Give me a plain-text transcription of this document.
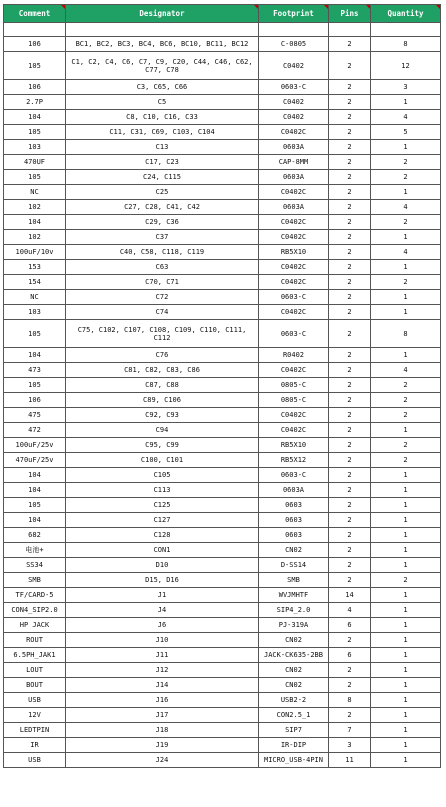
Comment	Designator	Footprint	Pins	Quantity

106	BC1, BC2, BC3, BC4, BC6, BC10, BC11, BC12	C-0805	2	8
105	C1, C2, C4, C6, C7, C9, C20, C44, C46, C62, C77, C78	C0402	2	12
106	C3, C65, C66	0603-C	2	3
2.7P	C5	C0402	2	1
104	C8, C10, C16, C33	C0402	2	4
105	C11, C31, C69, C103, C104	C0402C	2	5
103	C13	0603A	2	1
470UF	C17, C23	CAP-8MM	2	2
105	C24, C115	0603A	2	2
NC	C25	C0402C	2	1
102	C27, C28, C41, C42	0603A	2	4
104	C29, C36	C0402C	2	2
102	C37	C0402C	2	1
100uF/10v	C40, C58, C118, C119	RB5X10	2	4
153	C63	C0402C	2	1
154	C70, C71	C0402C	2	2
NC	C72	0603-C	2	1
103	C74	C0402C	2	1
105	C75, C102, C107, C108, C109, C110, C111, C112	0603-C	2	8
104	C76	R0402	2	1
473	C81, C82, C83, C86	C0402C	2	4
105	C87, C88	0805-C	2	2
106	C89, C106	0805-C	2	2
475	C92, C93	C0402C	2	2
472	C94	C0402C	2	1
100uF/25v	C95, C99	RB5X10	2	2
470uF/25v	C100, C101	RB5X12	2	2
104	C105	0603-C	2	1
104	C113	0603A	2	1
105	C125	0603	2	1
104	C127	0603	2	1
682	C128	0603	2	1
电池+	CON1	CN02	2	1
SS34	D10	D-SS14	2	1
SMB	D15, D16	SMB	2	2
TF/CARD-5	J1	WVJMHTF	14	1
CON4_SIP2.0	J4	SIP4_2.0	4	1
HP JACK	J6	PJ-319A	6	1
ROUT	J10	CN02	2	1
6.5PH_JAK1	J11	JACK-CK635-2BB	6	1
LOUT	J12	CN02	2	1
BOUT	J14	CN02	2	1
USB	J16	USB2-2	8	1
12V	J17	CON2.5_1	2	1
LEDTPIN	J18	SIP7	7	1
IR	J19	IR-DIP	3	1
USB	J24	MICRO_USB-4PIN	11	1
